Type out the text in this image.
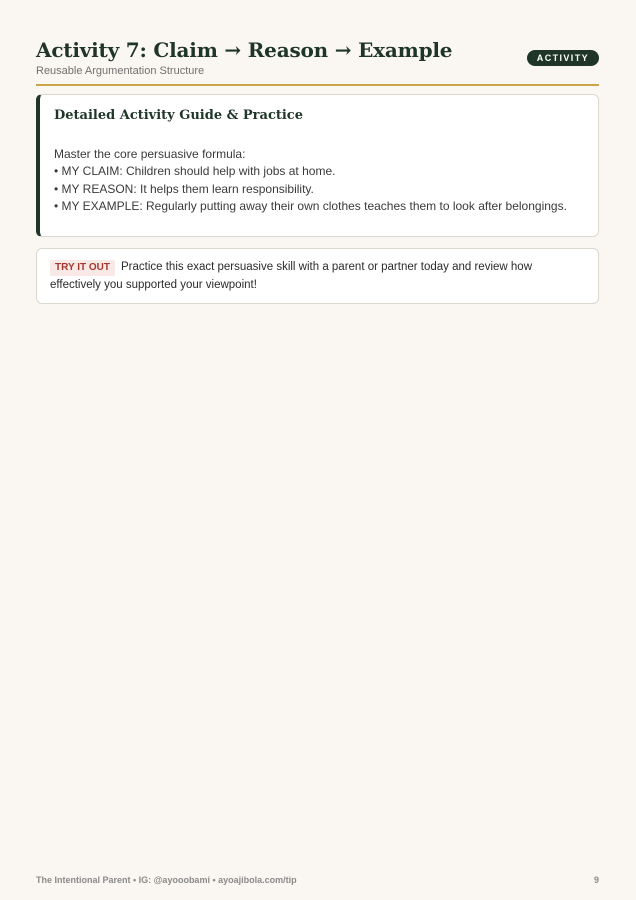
Activity 7: Claim → Reason → Example
Reusable Argumentation Structure
ACTIVITY
Detailed Activity Guide & Practice
Master the core persuasive formula:
• MY CLAIM: Children should help with jobs at home.
• MY REASON: It helps them learn responsibility.
• MY EXAMPLE: Regularly putting away their own clothes teaches them to look after belongings.
TRY IT OUT Practice this exact persuasive skill with a parent or partner today and review how effectively you supported your viewpoint!
The Intentional Parent • IG: @ayooobami • ayoajibola.com/tip	9
